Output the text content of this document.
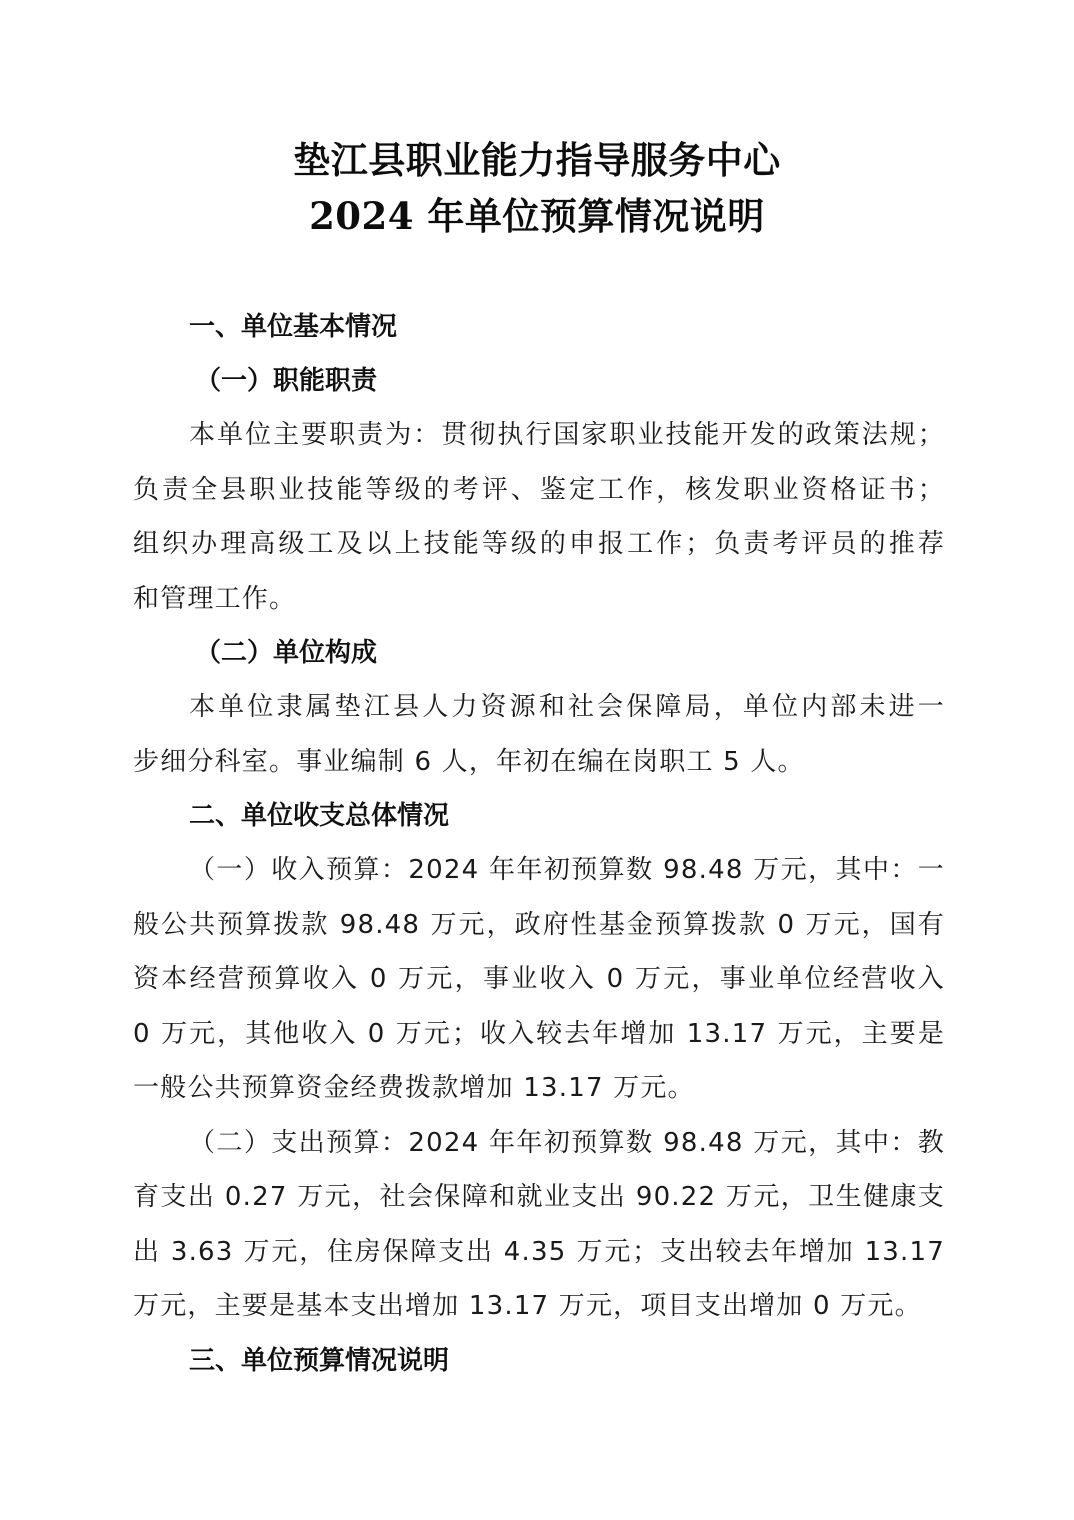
垫江县职业能力指导服务中心
2024 年单位预算情况说明
一、单位基本情况
（一）职能职责
本单位主要职责为：贯彻执行国家职业技能开发的政策法规；
负责全县职业技能等级的考评、鉴定工作，核发职业资格证书；
组织办理高级工及以上技能等级的申报工作；负责考评员的推荐
和管理工作。
（二）单位构成
本单位隶属垫江县人力资源和社会保障局，单位内部未进一
步细分科室。事业编制 6 人，年初在编在岗职工 5 人。
二、单位收支总体情况
（一）收入预算：2024 年年初预算数 98.48 万元，其中：一
般公共预算拨款 98.48 万元，政府性基金预算拨款 0 万元，国有
资本经营预算收入 0 万元，事业收入 0 万元，事业单位经营收入
0 万元，其他收入 0 万元；收入较去年增加 13.17 万元，主要是
一般公共预算资金经费拨款增加 13.17 万元。
（二）支出预算：2024 年年初预算数 98.48 万元，其中：教
育支出 0.27 万元，社会保障和就业支出 90.22 万元，卫生健康支
出 3.63 万元，住房保障支出 4.35 万元；支出较去年增加 13.17
万元，主要是基本支出增加 13.17 万元，项目支出增加 0 万元。
三、单位预算情况说明
